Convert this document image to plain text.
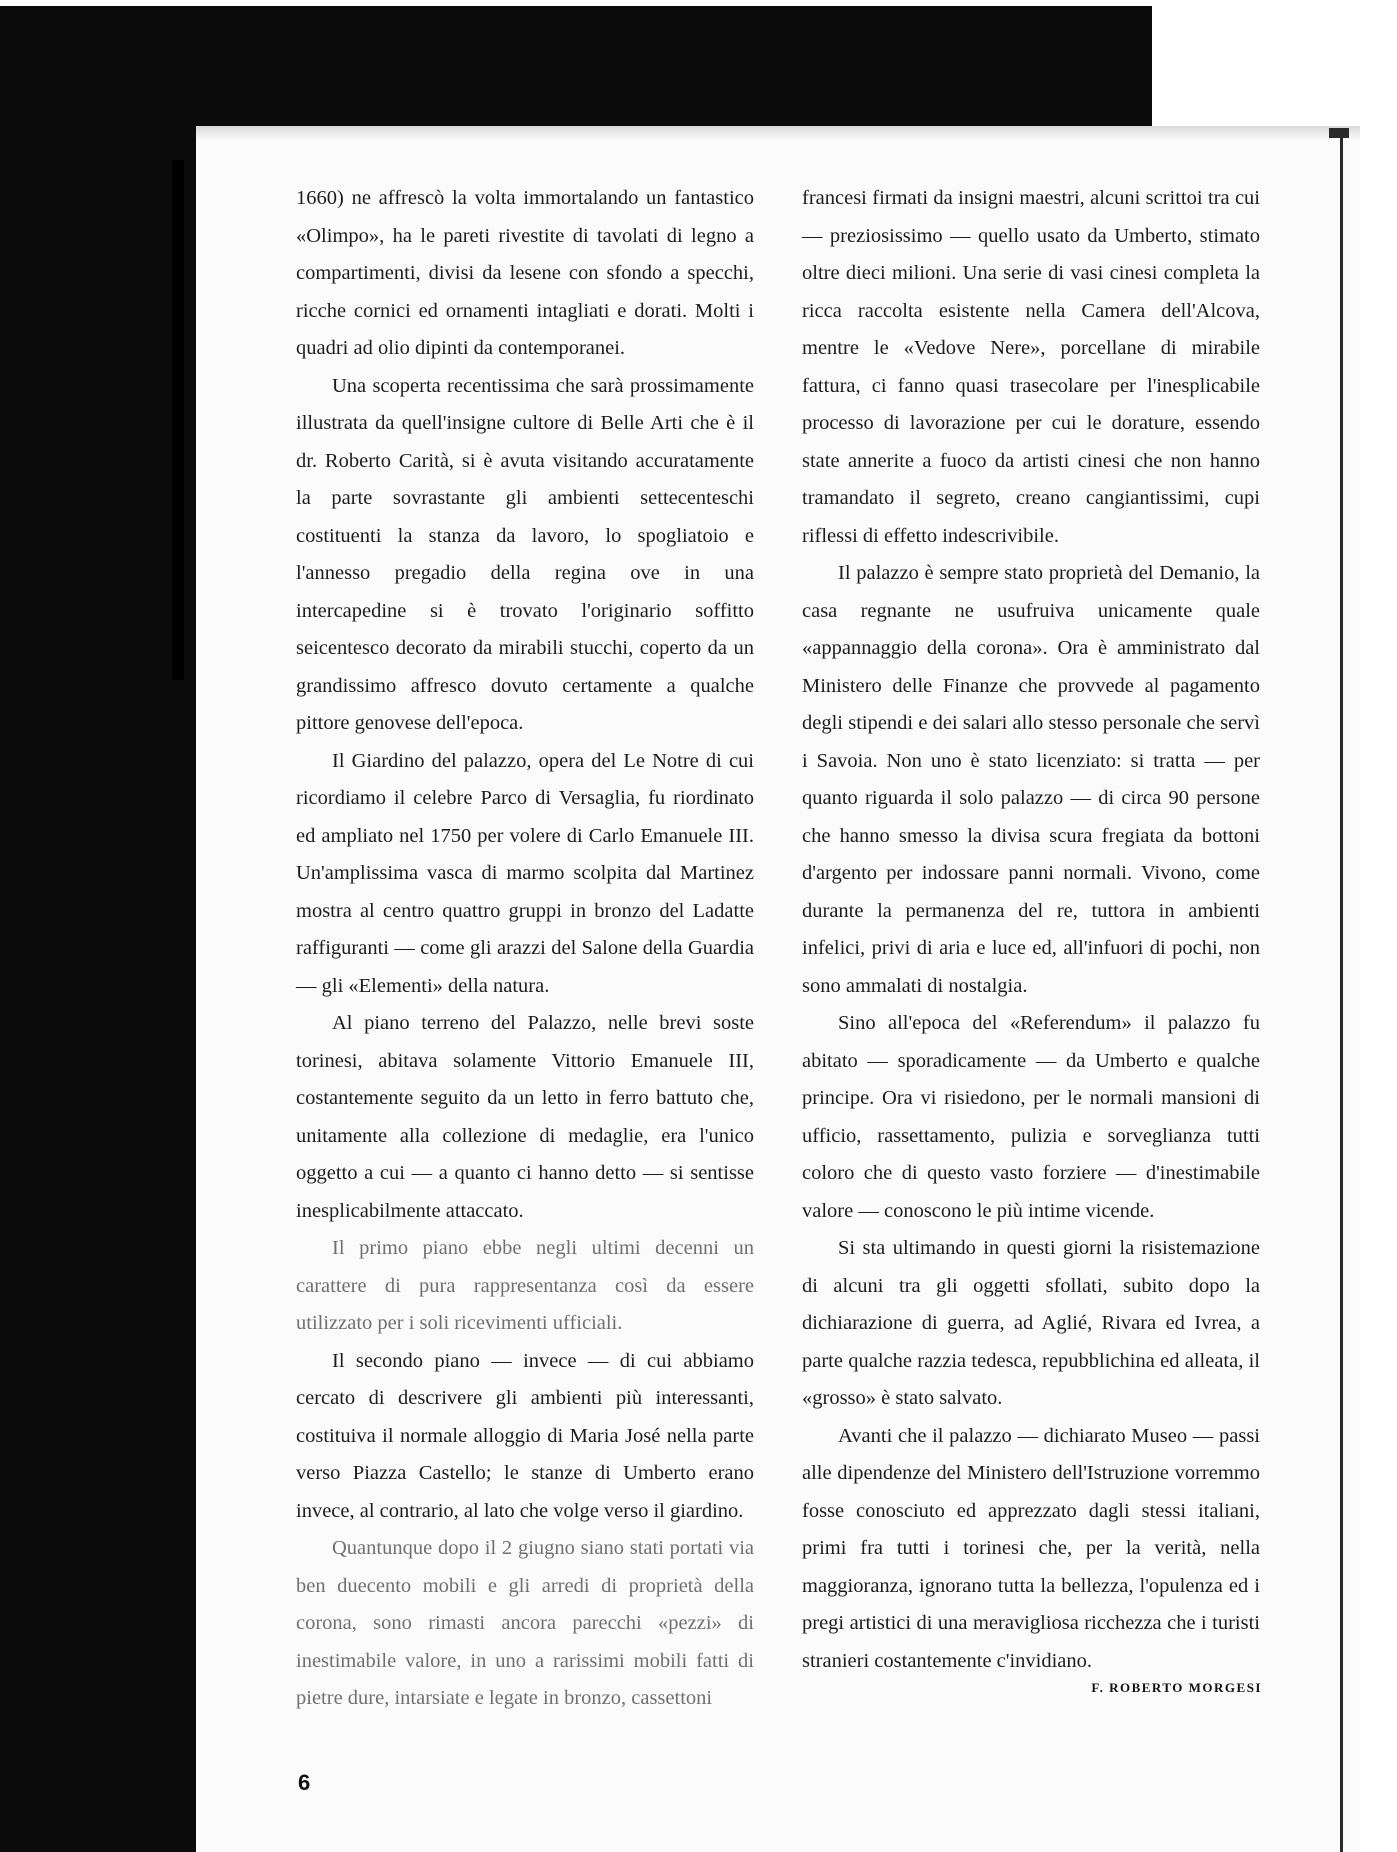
1660) ne affrescò la volta immortalando un fantastico «Olimpo», ha le pareti rivestite di tavolati di legno a compartimenti, divisi da lesene con sfondo a specchi, ricche cornici ed ornamenti intagliati e dorati. Molti i quadri ad olio dipinti da contemporanei.

Una scoperta recentissima che sarà prossimamente illustrata da quell'insigne cultore di Belle Arti che è il dr. Roberto Carità, si è avuta visitando accuratamente la parte sovrastante gli ambienti settecenteschi costituenti la stanza da lavoro, lo spogliatoio e l'annesso pregadio della regina ove in una intercapedine si è trovato l'originario soffitto seicentesco decorato da mirabili stucchi, coperto da un grandissimo affresco dovuto certamente a qualche pittore genovese dell'epoca.

Il Giardino del palazzo, opera del Le Notre di cui ricordiamo il celebre Parco di Versaglia, fu riordinato ed ampliato nel 1750 per volere di Carlo Emanuele III. Un'amplissima vasca di marmo scolpita dal Martinez mostra al centro quattro gruppi in bronzo del Ladatte raffiguranti — come gli arazzi del Salone della Guardia — gli «Elementi» della natura.

Al piano terreno del Palazzo, nelle brevi soste torinesi, abitava solamente Vittorio Emanuele III, costantemente seguito da un letto in ferro battuto che, unitamente alla collezione di medaglie, era l'unico oggetto a cui — a quanto ci hanno detto — si sentisse inesplicabilmente attaccato.

Il primo piano ebbe negli ultimi decenni un carattere di pura rappresentanza così da essere utilizzato per i soli ricevimenti ufficiali.

Il secondo piano — invece — di cui abbiamo cercato di descrivere gli ambienti più interessanti, costituiva il normale alloggio di Maria José nella parte verso Piazza Castello; le stanze di Umberto erano invece, al contrario, al lato che volge verso il giardino.

Quantunque dopo il 2 giugno siano stati portati via ben duecento mobili e gli arredi di proprietà della corona, sono rimasti ancora parecchi «pezzi» di inestimabile valore, in uno a rarissimi mobili fatti di pietre dure, intarsiate e legate in bronzo, cassettoni

francesi firmati da insigni maestri, alcuni scrittoi tra cui — preziosissimo — quello usato da Umberto, stimato oltre dieci milioni. Una serie di vasi cinesi completa la ricca raccolta esistente nella Camera dell'Alcova, mentre le «Vedove Nere», porcellane di mirabile fattura, ci fanno quasi trasecolare per l'inesplicabile processo di lavorazione per cui le dorature, essendo state annerite a fuoco da artisti cinesi che non hanno tramandato il segreto, creano cangiantissimi, cupi riflessi di effetto indescrivibile.

Il palazzo è sempre stato proprietà del Demanio, la casa regnante ne usufruiva unicamente quale «appannaggio della corona». Ora è amministrato dal Ministero delle Finanze che provvede al pagamento degli stipendi e dei salari allo stesso personale che servì i Savoia. Non uno è stato licenziato: si tratta — per quanto riguarda il solo palazzo — di circa 90 persone che hanno smesso la divisa scura fregiata da bottoni d'argento per indossare panni normali. Vivono, come durante la permanenza del re, tuttora in ambienti infelici, privi di aria e luce ed, all'infuori di pochi, non sono ammalati di nostalgia.

Sino all'epoca del «Referendum» il palazzo fu abitato — sporadicamente — da Umberto e qualche principe. Ora vi risiedono, per le normali mansioni di ufficio, rassettamento, pulizia e sorveglianza tutti coloro che di questo vasto forziere — d'inestimabile valore — conoscono le più intime vicende.

Si sta ultimando in questi giorni la risistemazione di alcuni tra gli oggetti sfollati, subito dopo la dichiarazione di guerra, ad Aglié, Rivara ed Ivrea, a parte qualche razzia tedesca, repubblichina ed alleata, il «grosso» è stato salvato.

Avanti che il palazzo — dichiarato Museo — passi alle dipendenze del Ministero dell'Istruzione vorremmo fosse conosciuto ed apprezzato dagli stessi italiani, primi fra tutti i torinesi che, per la verità, nella maggioranza, ignorano tutta la bellezza, l'opulenza ed i pregi artistici di una meravigliosa ricchezza che i turisti stranieri costantemente c'invidiano.

F. ROBERTO MORGESI
6
